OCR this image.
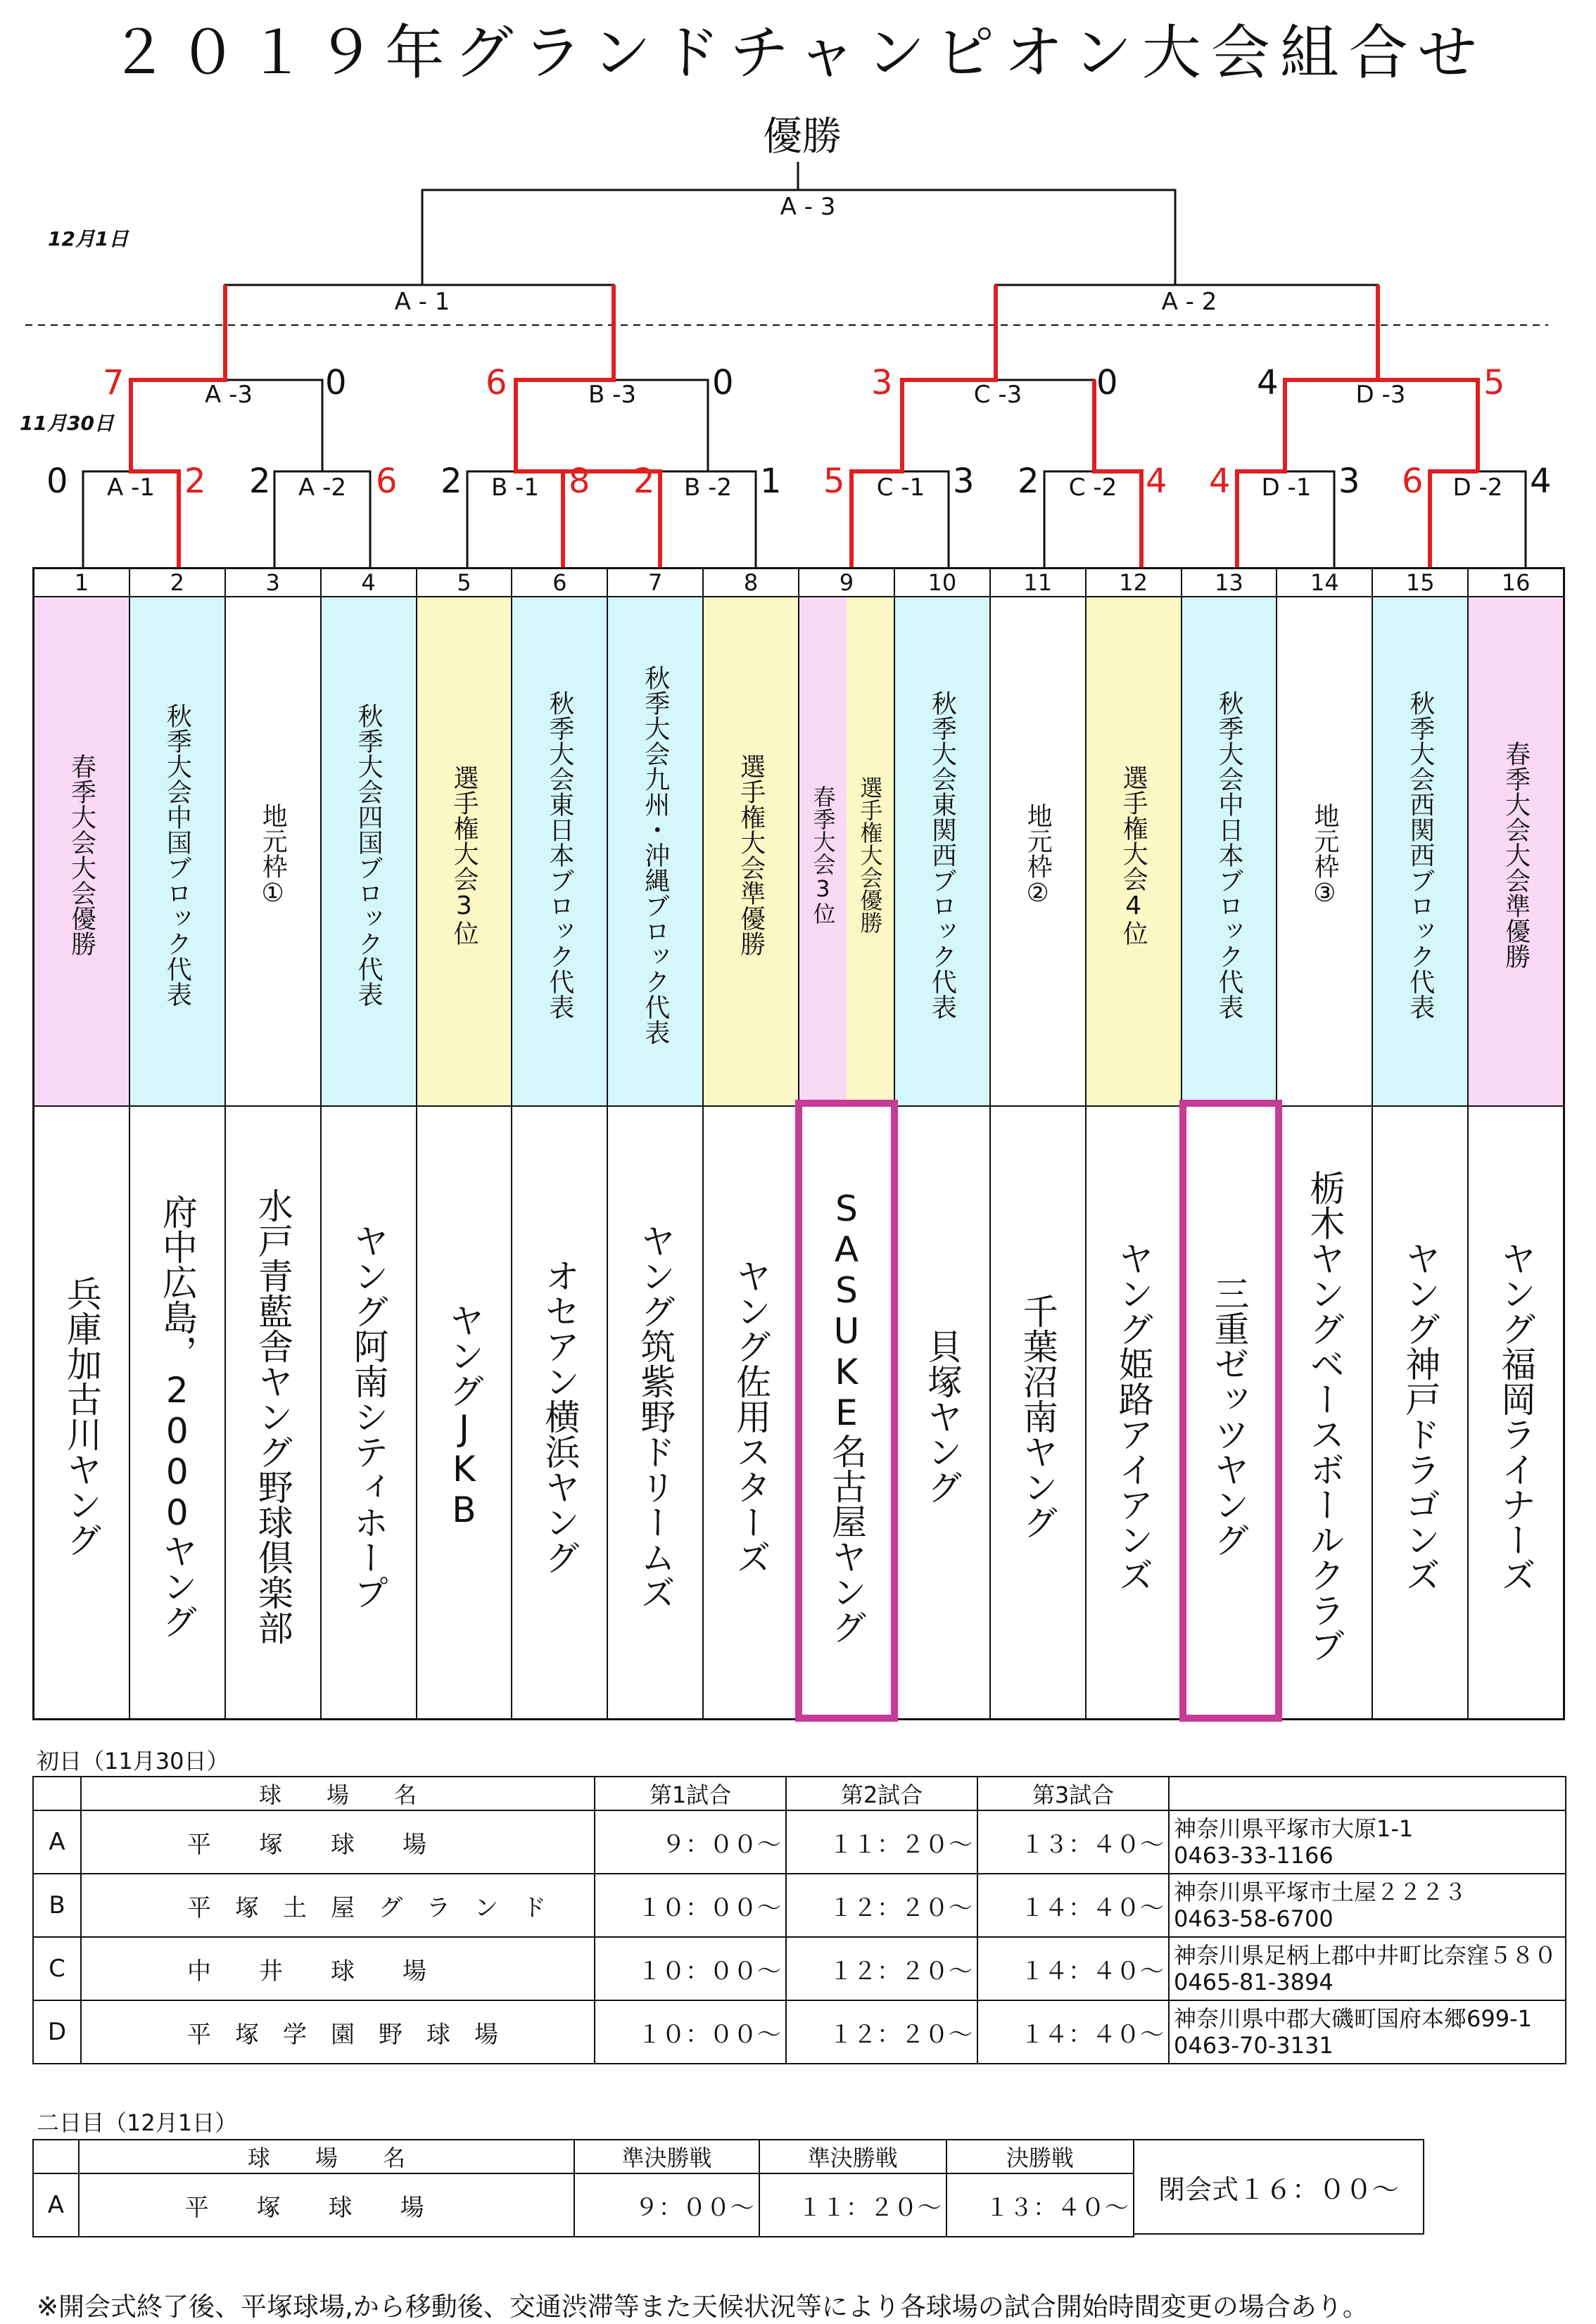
２０１９年グランドチャンピオン大会組合せ
優勝
12月1日
11月30日
A - 3
A - 1	A - 2
A -3	B -3	C -3	D -3
A -1	A -2	B -1	B -2	C -1	C -2	D -1	D -2
7	0	6	0	3	0	4	5
0	2 2	6 2	8 2	1 5	3 2	4 4	3 6	4
1
春季大会大会優勝
兵庫加古川ヤング
2
秋季大会中国ブロック代表
府中広島，2000ヤング
3
地元枠①
水戸青藍舎ヤング野球倶楽部
4
秋季大会四国ブロック代表
ヤング阿南シティホープ
5
選手権大会3位
ヤングJKB
6
秋季大会東日本ブロック代表
オセアン横浜ヤング
7
秋季大会九州・沖縄ブロック代表
ヤング筑紫野ドリームズ
8
選手権大会準優勝
ヤング佐用スターズ
9
春季大会3位 選手権大会優勝
SASUKE名古屋ヤング
10
秋季大会東関西ブロック代表
貝塚ヤング
11
地元枠②
千葉沼南ヤング
12
選手権大会4位
ヤング姫路アイアンズ
13
秋季大会中日本ブロック代表
三重ゼッツヤング
14
地元枠③
栃木ヤングベースボールクラブ
15
秋季大会西関西ブロック代表
ヤング神戸ドラゴンズ
16
春季大会大会準優勝
ヤング福岡ライナーズ
初日（11月30日）
	球　　場　　名	第1試合	第2試合	第3試合	
A	平　　塚　　球　　場	９：００～	１１：２０～	１３：４０～	神奈川県平塚市大原1-1
0463-33-1166

B	平　塚　土　屋　グ　ラ　ン　ド	１０：００～	１２：２０～	１４：４０～	神奈川県平塚市土屋２２２３
0463-58-6700

C	中　　井　　球　　場	１０：００～	１２：２０～	１４：４０～	神奈川県足柄上郡中井町比奈窪５８０
0465-81-3894

D	平　塚　学　園　野　球　場	１０：００～	１２：２０～	１４：４０～	神奈川県中郡大磯町国府本郷699-1
0463-70-3131
二日目（12月1日）
	球　　場　　名	準決勝戦	準決勝戦	決勝戦
A	平　　塚　　球　　場	９：００～	１１：２０～	１３：４０～
閉会式１６：００～
※開会式終了後、平塚球場,から移動後、交通渋滞等また天候状況等により各球場の試合開始時間変更の場合あり。
